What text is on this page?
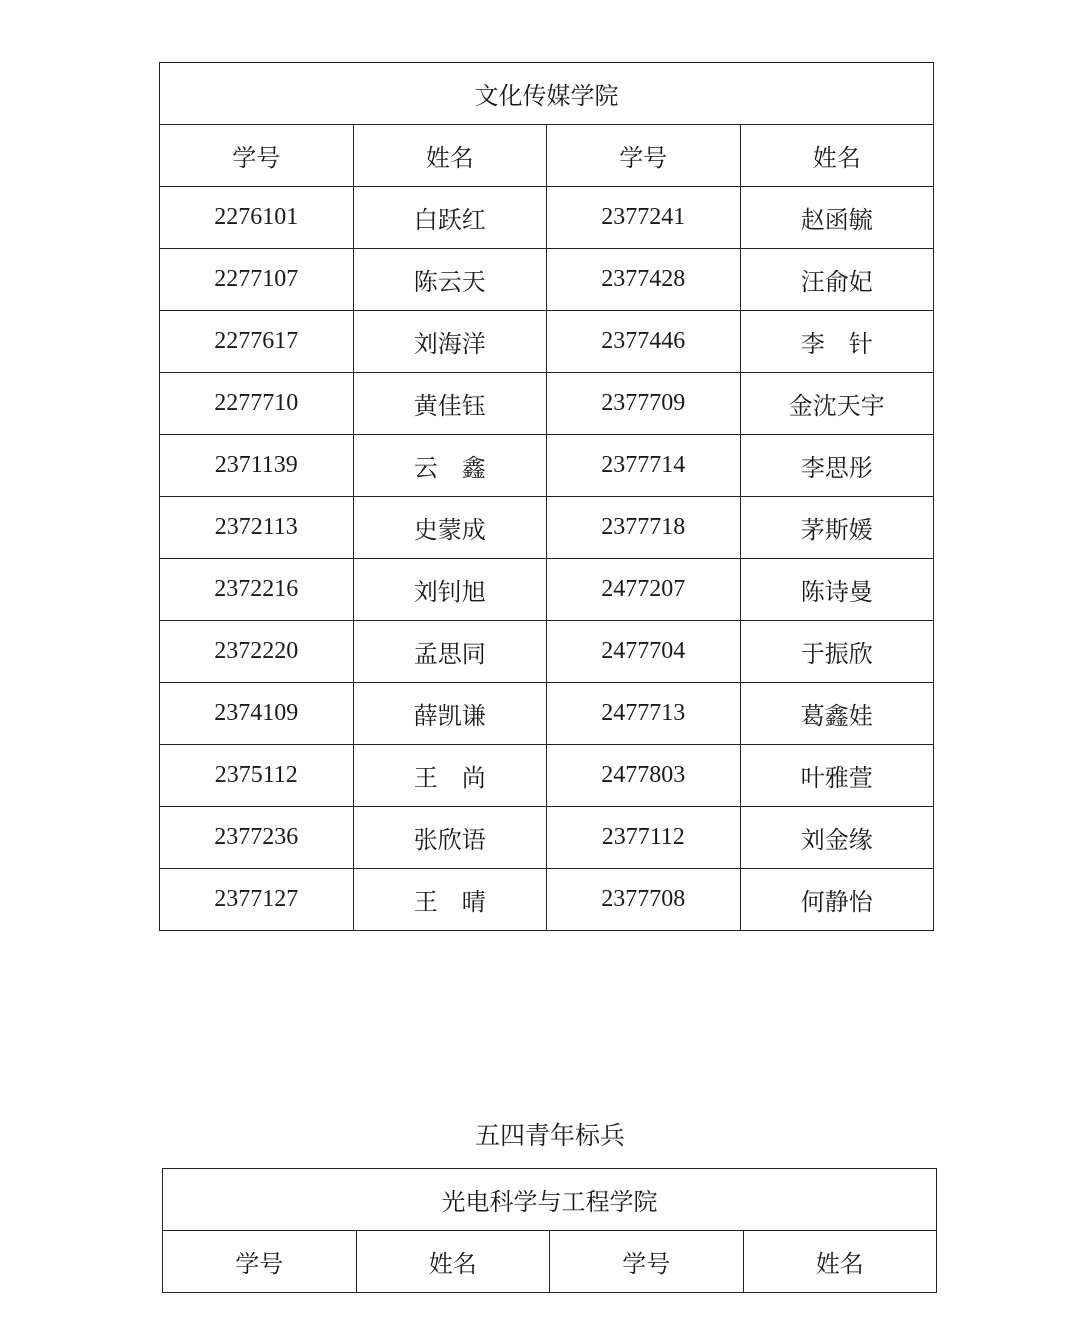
文化传媒学院			
学号	姓名	学号	姓名
2276101	白跃红	2377241	赵函毓
2277107	陈云天	2377428	汪俞妃
2277617	刘海洋	2377446	李　针
2277710	黄佳钰	2377709	金沈天宇
2371139	云　鑫	2377714	李思彤
2372113	史蒙成	2377718	茅斯媛
2372216	刘钊旭	2477207	陈诗曼
2372220	孟思同	2477704	于振欣
2374109	薛凯谦	2477713	葛鑫娃
2375112	王　尚	2477803	叶雅萱
2377236	张欣语	2377112	刘金缘
2377127	王　晴	2377708	何静怡
五四青年标兵
光电科学与工程学院
学号	姓名	学号	姓名
